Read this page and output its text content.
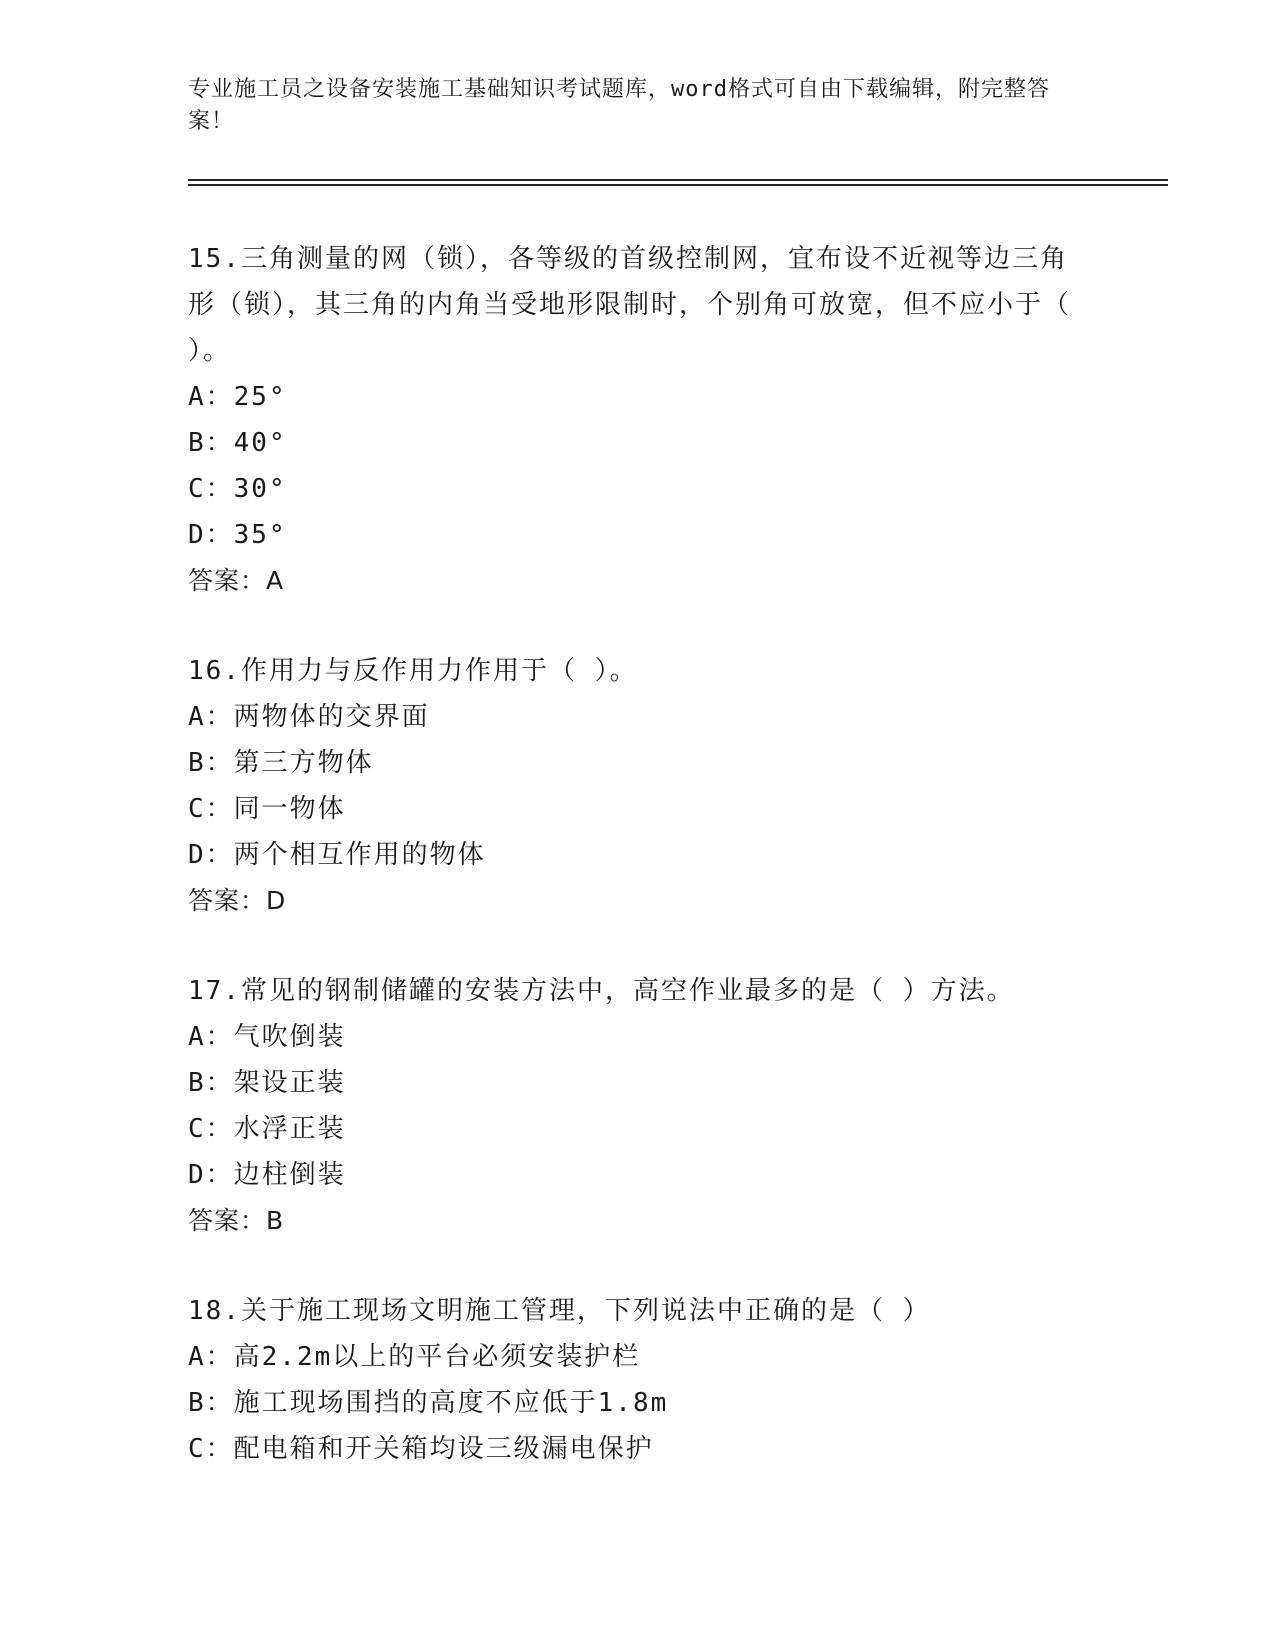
专业施工员之设备安装施工基础知识考试题库，word格式可自由下载编辑，附完整答案！
15.三角测量的网（锁），各等级的首级控制网，宜布设不近视等边三角形（锁），其三角的内角当受地形限制时，个别角可放宽，但不应小于（ ）。
A：25°
B：40°
C：30°
D：35°
答案：A
16.作用力与反作用力作用于（ ）。
A：两物体的交界面
B：第三方物体
C：同一物体
D：两个相互作用的物体
答案：D
17.常见的钢制储罐的安装方法中，高空作业最多的是（ ）方法。
A：气吹倒装
B：架设正装
C：水浮正装
D：边柱倒装
答案：B
18.关于施工现场文明施工管理，下列说法中正确的是（ ）
A：高2.2m以上的平台必须安装护栏
B：施工现场围挡的高度不应低于1.8m
C：配电箱和开关箱均设三级漏电保护
